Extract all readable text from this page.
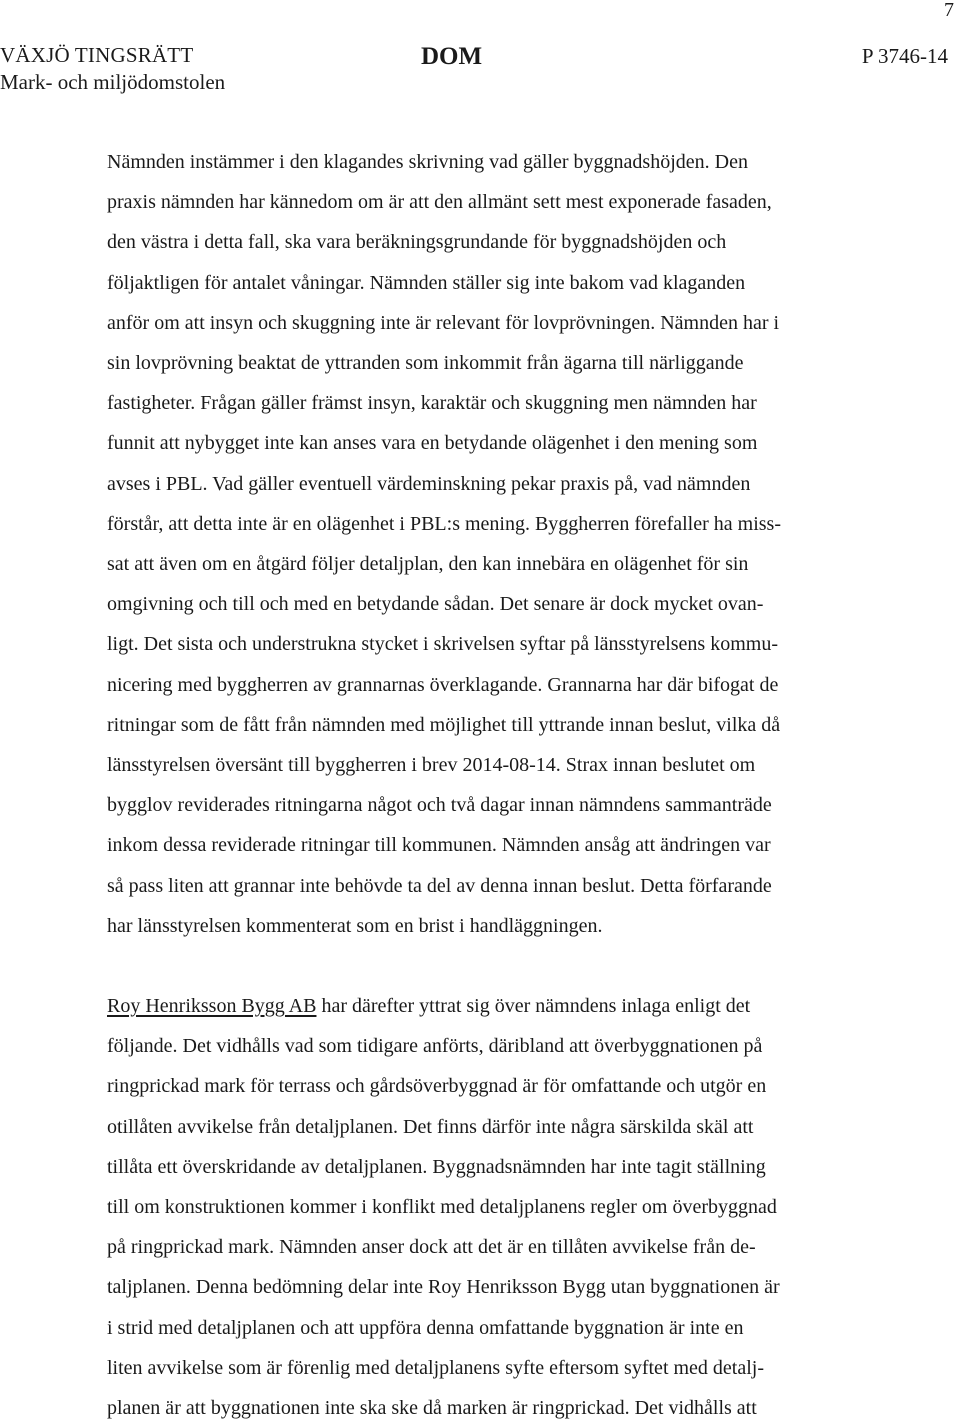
7
VÄXJÖ TINGSRÄTT
Mark- och miljödomstolen
DOM	P 3746-14
Nämnden instämmer i den klagandes skrivning vad gäller byggnadshöjden. Den
praxis nämnden har kännedom om är att den allmänt sett mest exponerade fasaden,
den västra i detta fall, ska vara beräkningsgrundande för byggnadshöjden och
följaktligen för antalet våningar. Nämnden ställer sig inte bakom vad klaganden
anför om att insyn och skuggning inte är relevant för lovprövningen. Nämnden har i
sin lovprövning beaktat de yttranden som inkommit från ägarna till närliggande
fastigheter. Frågan gäller främst insyn, karaktär och skuggning men nämnden har
funnit att nybygget inte kan anses vara en betydande olägenhet i den mening som
avses i PBL. Vad gäller eventuell värdeminskning pekar praxis på, vad nämnden
förstår, att detta inte är en olägenhet i PBL:s mening. Byggherren förefaller ha miss-
sat att även om en åtgärd följer detaljplan, den kan innebära en olägenhet för sin
omgivning och till och med en betydande sådan. Det senare är dock mycket ovan-
ligt. Det sista och understrukna stycket i skrivelsen syftar på länsstyrelsens kommu-
nicering med byggherren av grannarnas överklagande. Grannarna har där bifogat de
ritningar som de fått från nämnden med möjlighet till yttrande innan beslut, vilka då
länsstyrelsen översänt till byggherren i brev 2014-08-14. Strax innan beslutet om
bygglov reviderades ritningarna något och två dagar innan nämndens sammanträde
inkom dessa reviderade ritningar till kommunen. Nämnden ansåg att ändringen var
så pass liten att grannar inte behövde ta del av denna innan beslut. Detta förfarande
har länsstyrelsen kommenterat som en brist i handläggningen.
Roy Henriksson Bygg AB har därefter yttrat sig över nämndens inlaga enligt det
följande. Det vidhålls vad som tidigare anförts, däribland att överbyggnationen på
ringprickad mark för terrass och gårdsöverbyggnad är för omfattande och utgör en
otillåten avvikelse från detaljplanen. Det finns därför inte några särskilda skäl att
tillåta ett överskridande av detaljplanen. Byggnadsnämnden har inte tagit ställning
till om konstruktionen kommer i konflikt med detaljplanens regler om överbyggnad
på ringprickad mark. Nämnden anser dock att det är en tillåten avvikelse från de-
taljplanen. Denna bedömning delar inte Roy Henriksson Bygg utan byggnationen är
i strid med detaljplanen och att uppföra denna omfattande byggnation är inte en
liten avvikelse som är förenlig med detaljplanens syfte eftersom syftet med detalj-
planen är att byggnationen inte ska ske då marken är ringprickad. Det vidhålls att
